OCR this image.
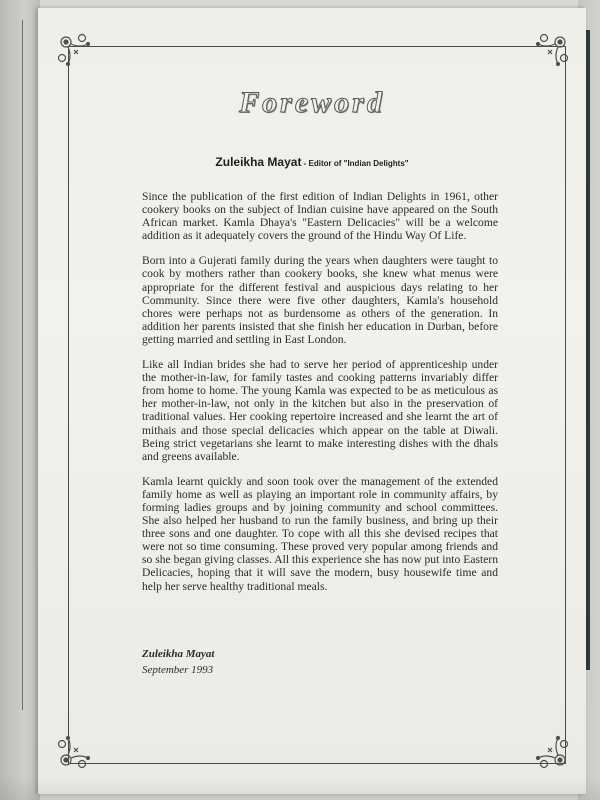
Foreword
Zuleikha Mayat - Editor of "Indian Delights"

Since the publication of the first edition of Indian Delights in 1961, other cookery books on the subject of Indian cuisine have appeared on the South African market. Kamla Dhaya's "Eastern Delicacies" will be a welcome addition as it adequately covers the ground of the Hindu Way Of Life.

Born into a Gujerati family during the years when daughters were taught to cook by mothers rather than cookery books, she knew what menus were appropriate for the different festival and auspicious days relating to her Community. Since there were five other daughters, Kamla's household chores were perhaps not as burdensome as others of the generation. In addition her parents insisted that she finish her education in Durban, before getting married and settling in East London.

Like all Indian brides she had to serve her period of apprenticeship under the mother-in-law, for family tastes and cooking patterns invariably differ from home to home. The young Kamla was expected to be as meticulous as her mother-in-law, not only in the kitchen but also in the preservation of traditional values. Her cooking repertoire increased and she learnt the art of mithais and those special delicacies which appear on the table at Diwali. Being strict vegetarians she learnt to make interesting dishes with the dhals and greens available.

Kamla learnt quickly and soon took over the management of the extended family home as well as playing an important role in community affairs, by forming ladies groups and by joining community and school committees. She also helped her husband to run the family business, and bring up their three sons and one daughter. To cope with all this she devised recipes that were not so time consuming. These proved very popular among friends and so she began giving classes. All this experience she has now put into Eastern Delicacies, hoping that it will save the modern, busy housewife time and help her serve healthy traditional meals.

Zuleikha Mayat
September 1993
